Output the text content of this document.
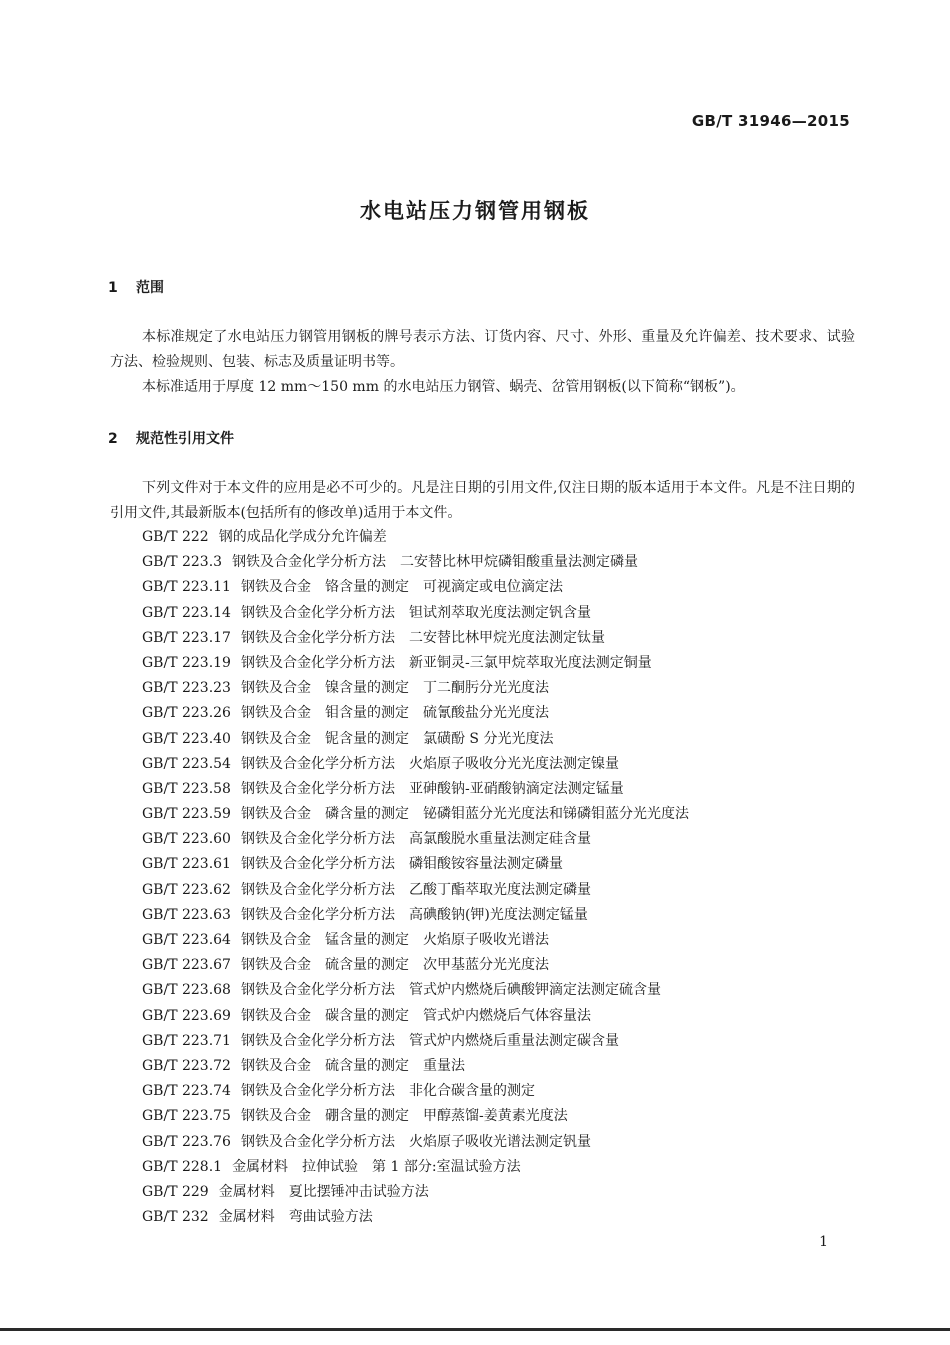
GB/T 31946—2015
水电站压力钢管用钢板
1 范围

本标准规定了水电站压力钢管用钢板的牌号表示方法、订货内容、尺寸、外形、重量及允许偏差、技术要求、试验方法、检验规则、包装、标志及质量证明书等。

本标准适用于厚度 12 mm～150 mm 的水电站压力钢管、蜗壳、岔管用钢板(以下简称“钢板”)。

2 规范性引用文件

下列文件对于本文件的应用是必不可少的。凡是注日期的引用文件,仅注日期的版本适用于本文件。凡是不注日期的引用文件,其最新版本(包括所有的修改单)适用于本文件。

GB/T 222 钢的成品化学成分允许偏差
GB/T 223.3 钢铁及合金化学分析方法　二安替比林甲烷磷钼酸重量法测定磷量
GB/T 223.11 钢铁及合金　铬含量的测定　可视滴定或电位滴定法
GB/T 223.14 钢铁及合金化学分析方法　钽试剂萃取光度法测定钒含量
GB/T 223.17 钢铁及合金化学分析方法　二安替比林甲烷光度法测定钛量
GB/T 223.19 钢铁及合金化学分析方法　新亚铜灵-三氯甲烷萃取光度法测定铜量
GB/T 223.23 钢铁及合金　镍含量的测定　丁二酮肟分光光度法
GB/T 223.26 钢铁及合金　钼含量的测定　硫氰酸盐分光光度法
GB/T 223.40 钢铁及合金　铌含量的测定　氯磺酚 S 分光光度法
GB/T 223.54 钢铁及合金化学分析方法　火焰原子吸收分光光度法测定镍量
GB/T 223.58 钢铁及合金化学分析方法　亚砷酸钠-亚硝酸钠滴定法测定锰量
GB/T 223.59 钢铁及合金　磷含量的测定　铋磷钼蓝分光光度法和锑磷钼蓝分光光度法
GB/T 223.60 钢铁及合金化学分析方法　高氯酸脱水重量法测定硅含量
GB/T 223.61 钢铁及合金化学分析方法　磷钼酸铵容量法测定磷量
GB/T 223.62 钢铁及合金化学分析方法　乙酸丁酯萃取光度法测定磷量
GB/T 223.63 钢铁及合金化学分析方法　高碘酸钠(钾)光度法测定锰量
GB/T 223.64 钢铁及合金　锰含量的测定　火焰原子吸收光谱法
GB/T 223.67 钢铁及合金　硫含量的测定　次甲基蓝分光光度法
GB/T 223.68 钢铁及合金化学分析方法　管式炉内燃烧后碘酸钾滴定法测定硫含量
GB/T 223.69 钢铁及合金　碳含量的测定　管式炉内燃烧后气体容量法
GB/T 223.71 钢铁及合金化学分析方法　管式炉内燃烧后重量法测定碳含量
GB/T 223.72 钢铁及合金　硫含量的测定　重量法
GB/T 223.74 钢铁及合金化学分析方法　非化合碳含量的测定
GB/T 223.75 钢铁及合金　硼含量的测定　甲醇蒸馏-姜黄素光度法
GB/T 223.76 钢铁及合金化学分析方法　火焰原子吸收光谱法测定钒量
GB/T 228.1 金属材料　拉伸试验　第 1 部分:室温试验方法
GB/T 229 金属材料　夏比摆锤冲击试验方法
GB/T 232 金属材料　弯曲试验方法
1
